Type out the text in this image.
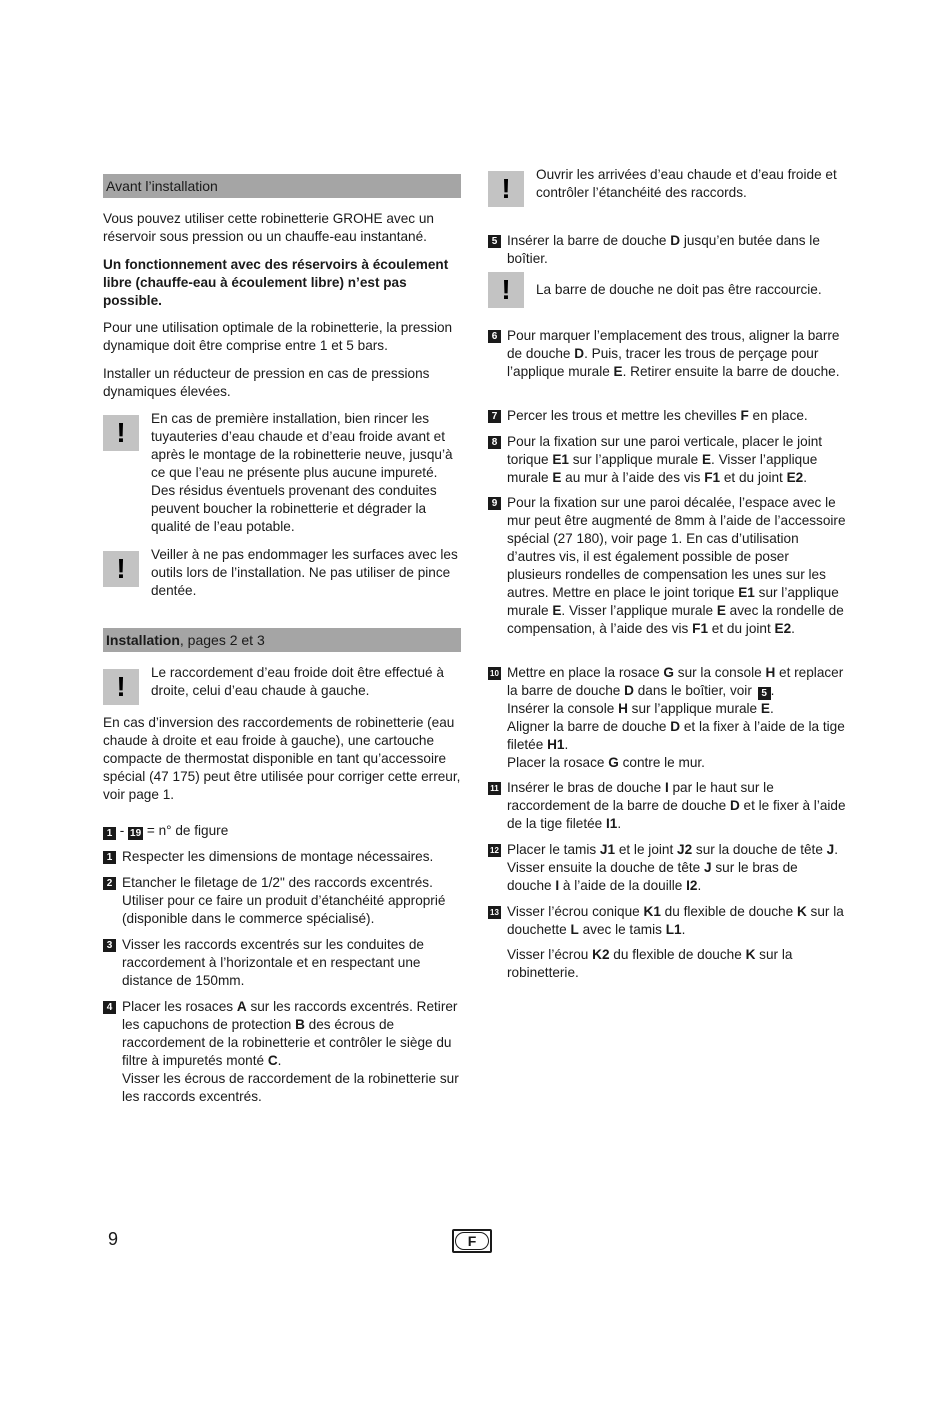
Avant l’installation

Vous pouvez utiliser cette robinetterie GROHE avec un réservoir sous pression ou un chauffe-eau instantané.

Un fonctionnement avec des réservoirs à écoulement libre (chauffe-eau à écoulement libre) n’est pas possible.

Pour une utilisation optimale de la robinetterie, la pression dynamique doit être comprise entre 1 et 5 bars.

Installer un réducteur de pression en cas de pressions dynamiques élevées.

! En cas de première installation, bien rincer les tuyauteries d’eau chaude et d’eau froide avant et après le montage de la robinetterie neuve, jusqu’à ce que l’eau ne présente plus aucune impureté. Des résidus éventuels provenant des conduites peuvent boucher la robinetterie et dégrader la qualité de l’eau potable.

! Veiller à ne pas endommager les surfaces avec les outils lors de l’installation. Ne pas utiliser de pince dentée.

Installation, pages 2 et 3
! Le raccordement d’eau froide doit être effectué à droite, celui d’eau chaude à gauche.

En cas d’inversion des raccordements de robinetterie (eau chaude à droite et eau froide à gauche), une cartouche compacte de thermostat disponible en tant qu’accessoire spécial (47 175) peut être utilisée pour corriger cette erreur, voir page 1.

1 - 19 = n° de figure

1 Respecter les dimensions de montage nécessaires.
2 Etancher le filetage de 1/2" des raccords excentrés. Utiliser pour ce faire un produit d’étanchéité approprié (disponible dans le commerce spécialisé).
3 Visser les raccords excentrés sur les conduites de raccordement à l’horizontale et en respectant une distance de 150mm.
4 Placer les rosaces A sur les raccords excentrés. Retirer les capuchons de protection B des écrous de raccordement de la robinetterie et contrôler le siège du filtre à impuretés monté C.
Visser les écrous de raccordement de la robinetterie sur les raccords excentrés.
! Ouvrir les arrivées d’eau chaude et d’eau froide et contrôler l’étanchéité des raccords.

5 Insérer la barre de douche D jusqu’en butée dans le boîtier.
! La barre de douche ne doit pas être raccourcie.

6 Pour marquer l’emplacement des trous, aligner la barre de douche D. Puis, tracer les trous de perçage pour l’applique murale E. Retirer ensuite la barre de douche.
7 Percer les trous et mettre les chevilles F en place.
8 Pour la fixation sur une paroi verticale, placer le joint torique E1 sur l’applique murale E. Visser l’applique murale E au mur à l’aide des vis F1 et du joint E2.
9 Pour la fixation sur une paroi décalée, l’espace avec le mur peut être augmenté de 8mm à l’aide de l’accessoire spécial (27 180), voir page 1. En cas d’utilisation d’autres vis, il est également possible de poser plusieurs rondelles de compensation les unes sur les autres. Mettre en place le joint torique E1 sur l’applique murale E. Visser l’applique murale E avec la rondelle de compensation, à l’aide des vis F1 et du joint E2.
10 Mettre en place la rosace G sur la console H et replacer la barre de douche D dans le boîtier, voir 5 .
Insérer la console H sur l’applique murale E.
Aligner la barre de douche D et la fixer à l’aide de la tige filetée H1.
Placer la rosace G contre le mur.
11 Insérer le bras de douche I par le haut sur le raccordement de la barre de douche D et le fixer à l’aide de la tige filetée I1.
12 Placer le tamis J1 et le joint J2 sur la douche de tête J. Visser ensuite la douche de tête J sur le bras de douche I à l’aide de la douille I2.
13 Visser l’écrou conique K1 du flexible de douche K sur la douchette L avec le tamis L1.
Visser l’écrou K2 du flexible de douche K sur la robinetterie.
9	F
